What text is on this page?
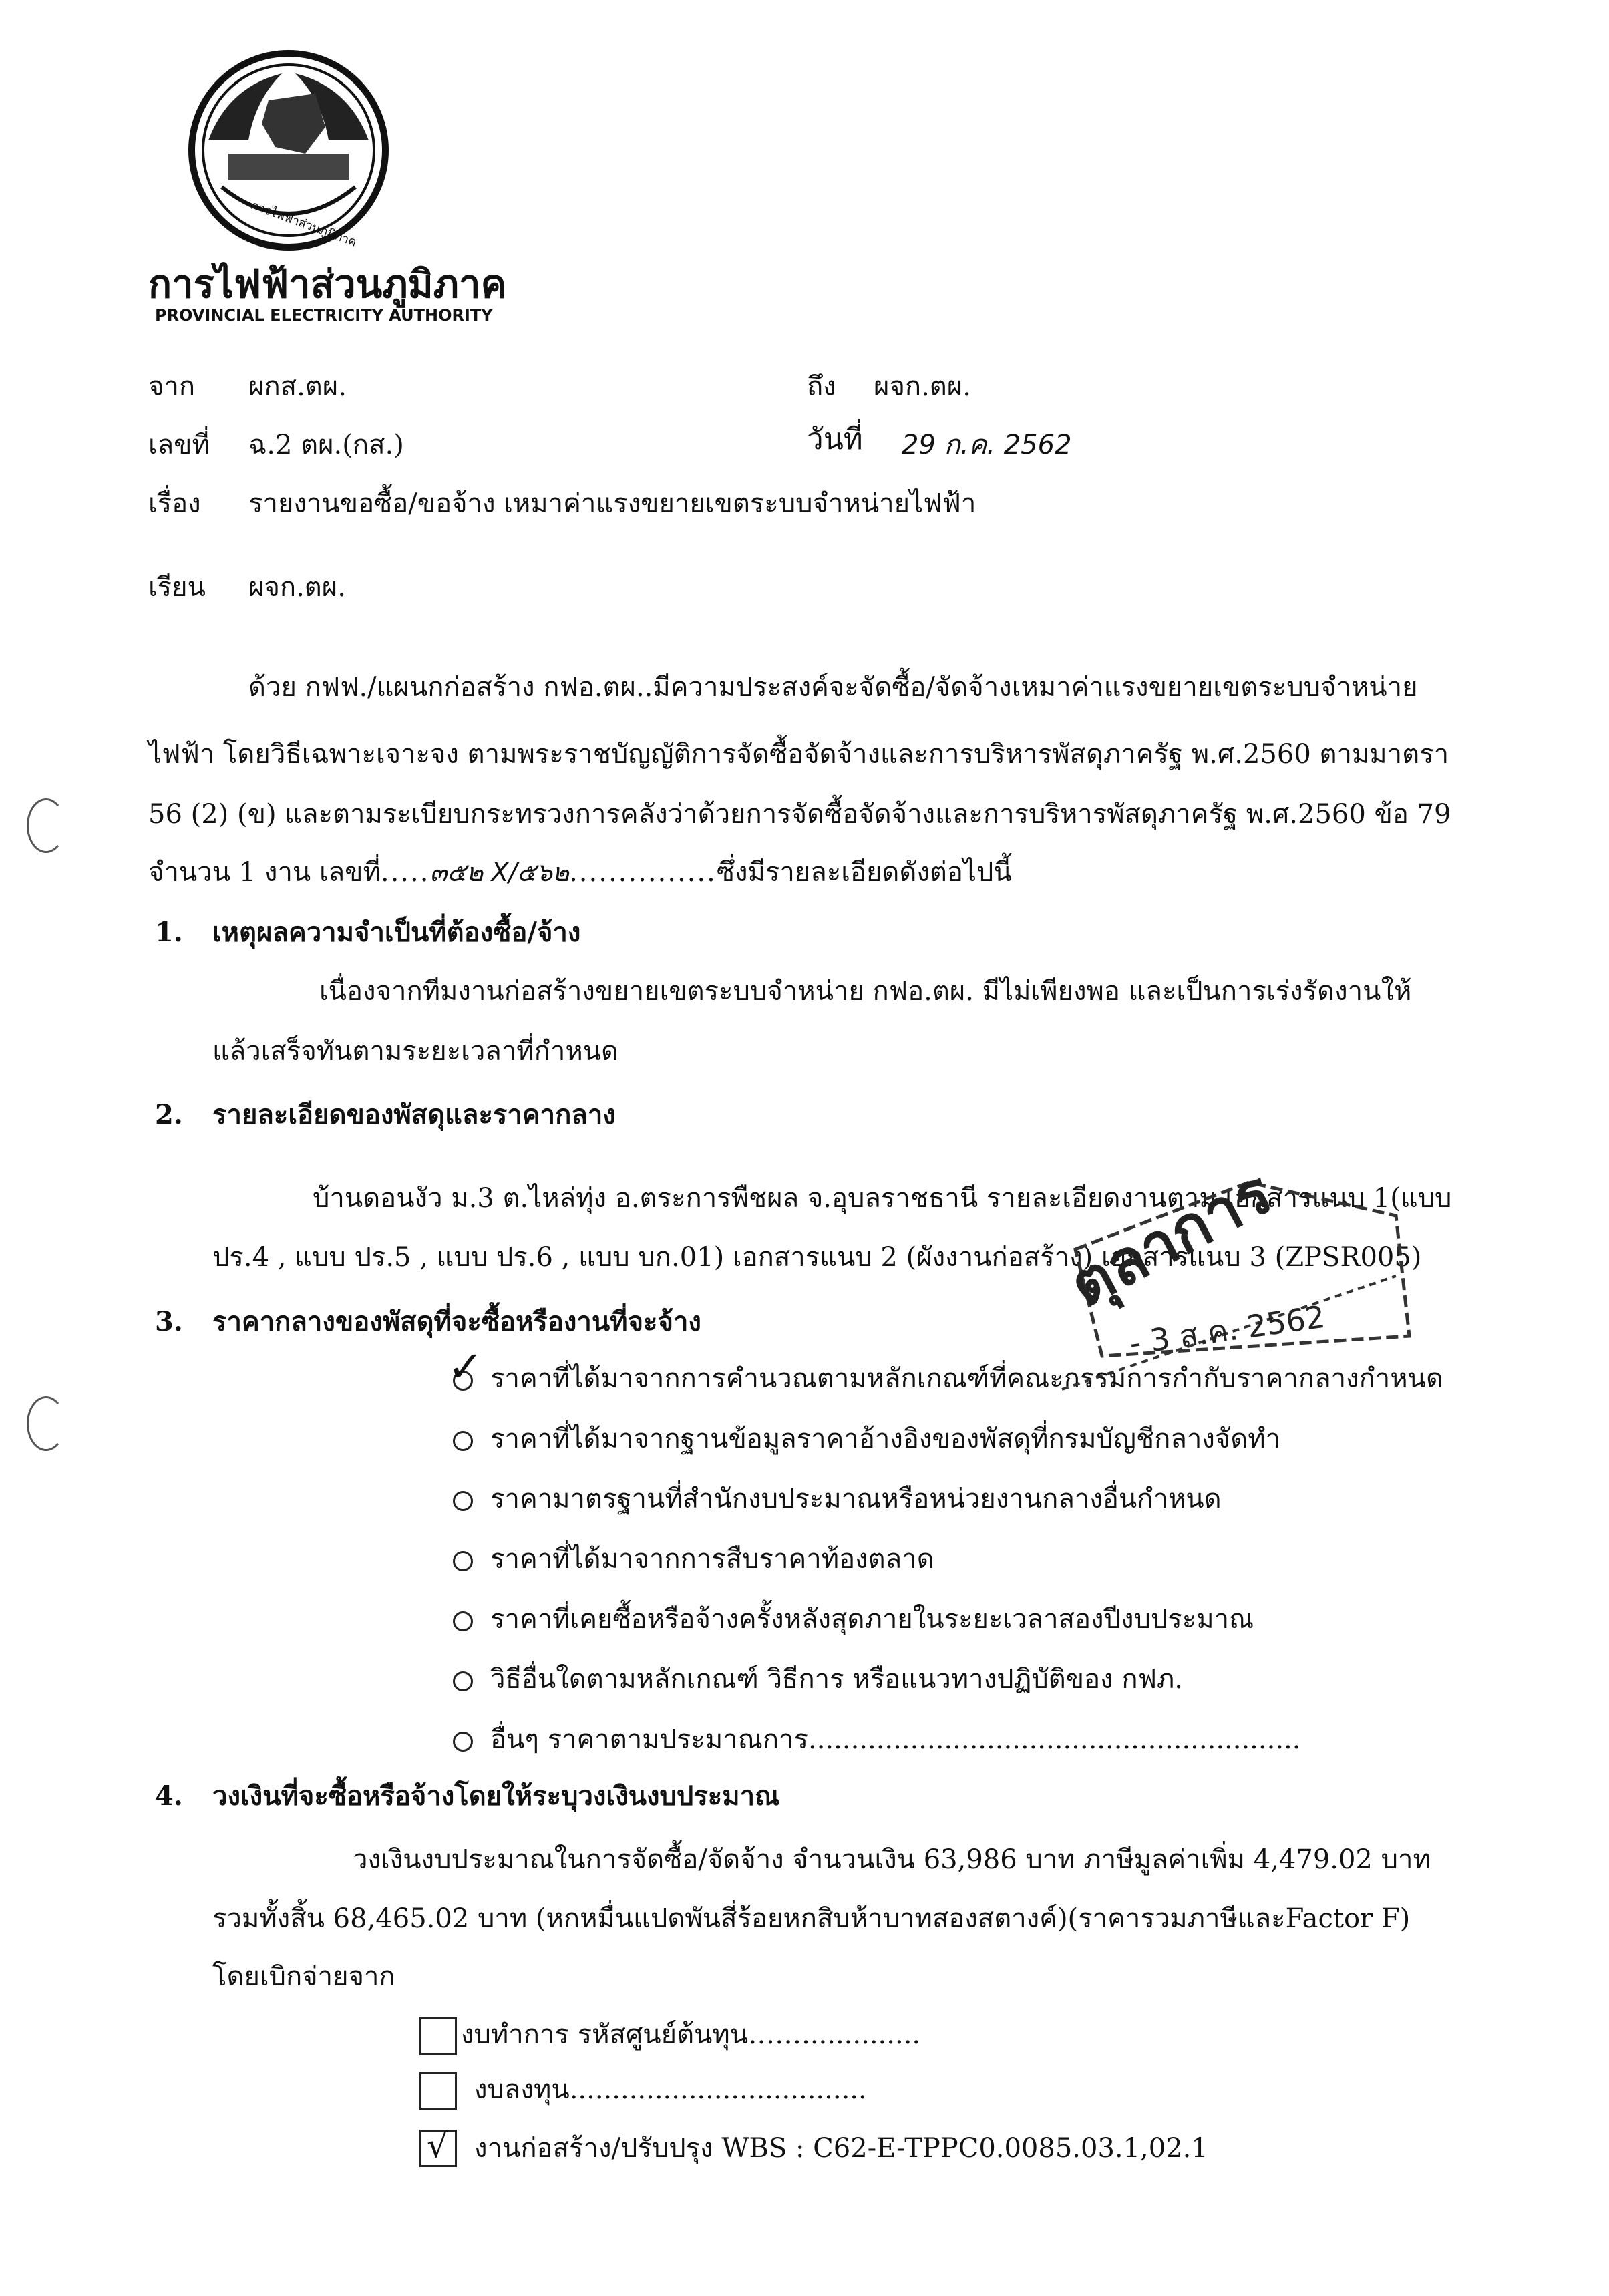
การไฟฟ้าส่วนภูมิภาค
การไฟฟ้าส่วนภูมิภาค
PROVINCIAL ELECTRICITY AUTHORITY
จาก ผกส.ตผ.	ถึง ผจก.ตผ.
เลขที่ ฉ.2 ตผ.(กส.)	วันที่ 29 ก.ค. 2562
เรื่อง รายงานขอซื้อ/ขอจ้าง เหมาค่าแรงขยายเขตระบบจำหน่ายไฟฟ้า
เรียน ผจก.ตผ.
ด้วย กฟฟ./แผนกก่อสร้าง กฟอ.ตผ..มีความประสงค์จะจัดซื้อ/จัดจ้างเหมาค่าแรงขยายเขตระบบจำหน่าย
ไฟฟ้า โดยวิธีเฉพาะเจาะจง ตามพระราชบัญญัติการจัดซื้อจัดจ้างและการบริหารพัสดุภาครัฐ พ.ศ.2560 ตามมาตรา
56 (2) (ข) และตามระเบียบกระทรวงการคลังว่าด้วยการจัดซื้อจัดจ้างและการบริหารพัสดุภาครัฐ พ.ศ.2560 ข้อ 79
จำนวน 1 งาน เลขที่.....๓๕๒ X/๕๖๒...............ซึ่งมีรายละเอียดดังต่อไปนี้
1. เหตุผลความจำเป็นที่ต้องซื้อ/จ้าง
เนื่องจากทีมงานก่อสร้างขยายเขตระบบจำหน่าย กฟอ.ตผ. มีไม่เพียงพอ และเป็นการเร่งรัดงานให้
แล้วเสร็จทันตามระยะเวลาที่กำหนด
2. รายละเอียดของพัสดุและราคากลาง
บ้านดอนงัว ม.3 ต.ไหล่ทุ่ง อ.ตระการพืชผล จ.อุบลราชธานี รายละเอียดงานตาม เอกสารแนบ 1(แบบ
ปร.4 , แบบ ปร.5 , แบบ ปร.6 , แบบ บก.01) เอกสารแนบ 2 (ผังงานก่อสร้าง) เอกสารแนบ 3 (ZPSR005)
3. ราคากลางของพัสดุที่จะซื้อหรืองานที่จะจ้าง
ราคาที่ได้มาจากการคำนวณตามหลักเกณฑ์ที่คณะกรรมการกำกับราคากลางกำหนด
✓
ราคาที่ได้มาจากฐานข้อมูลราคาอ้างอิงของพัสดุที่กรมบัญชีกลางจัดทำ
ราคามาตรฐานที่สำนักงบประมาณหรือหน่วยงานกลางอื่นกำหนด
ราคาที่ได้มาจากการสืบราคาท้องตลาด
ราคาที่เคยซื้อหรือจ้างครั้งหลังสุดภายในระยะเวลาสองปีงบประมาณ
วิธีอื่นใดตามหลักเกณฑ์ วิธีการ หรือแนวทางปฏิบัติของ กฟภ.
อื่นๆ ราคาตามประมาณการ..........................................................
4. วงเงินที่จะซื้อหรือจ้างโดยให้ระบุวงเงินงบประมาณ
วงเงินงบประมาณในการจัดซื้อ/จัดจ้าง จำนวนเงิน 63,986 บาท ภาษีมูลค่าเพิ่ม 4,479.02 บาท
รวมทั้งสิ้น 68,465.02 บาท (หกหมื่นแปดพันสี่ร้อยหกสิบห้าบาทสองสตางค์)(ราคารวมภาษีและFactor F)
โดยเบิกจ่ายจาก
งบทำการ รหัสศูนย์ต้นทุน……..............
งบลงทุน...................................
√ งานก่อสร้าง/ปรับปรุง WBS : C62-E-TPPC0.0085.03.1,02.1
ตุลาการ
- 3 ส.ค. 2562
